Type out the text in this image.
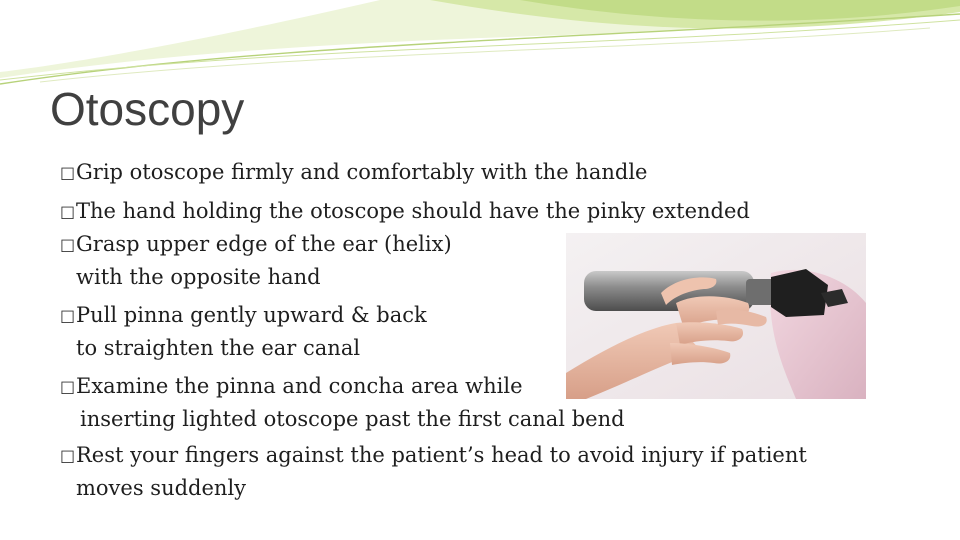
Otoscopy
□Grip otoscope firmly and comfortably with the handle
□The hand holding the otoscope should have the pinky extended
□Grasp upper edge of the ear (helix)
with the opposite hand
□Pull pinna gently upward & back
to straighten the ear canal
□Examine the pinna and concha area while
inserting lighted otoscope past the first canal bend
□Rest your fingers against the patient’s head to avoid injury if patient
moves suddenly
